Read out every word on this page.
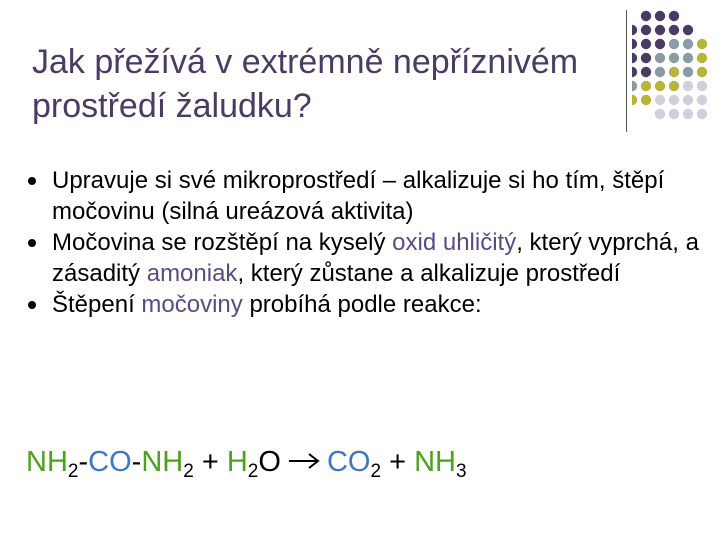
Jak přežívá v extrémně nepříznivém
prostředí žaludku?
Upravuje si své mikroprostředí – alkalizuje si ho tím, štěpí močovinu (silná ureázová aktivita)
Močovina se rozštěpí na kyselý oxid uhličitý, který vyprchá, a zásaditý amoniak, který zůstane a alkalizuje prostředí
Štěpení močoviny probíhá podle reakce:
$NH_2-CO-NH_2 + H_2O$ $CO_2 + NH_3$
